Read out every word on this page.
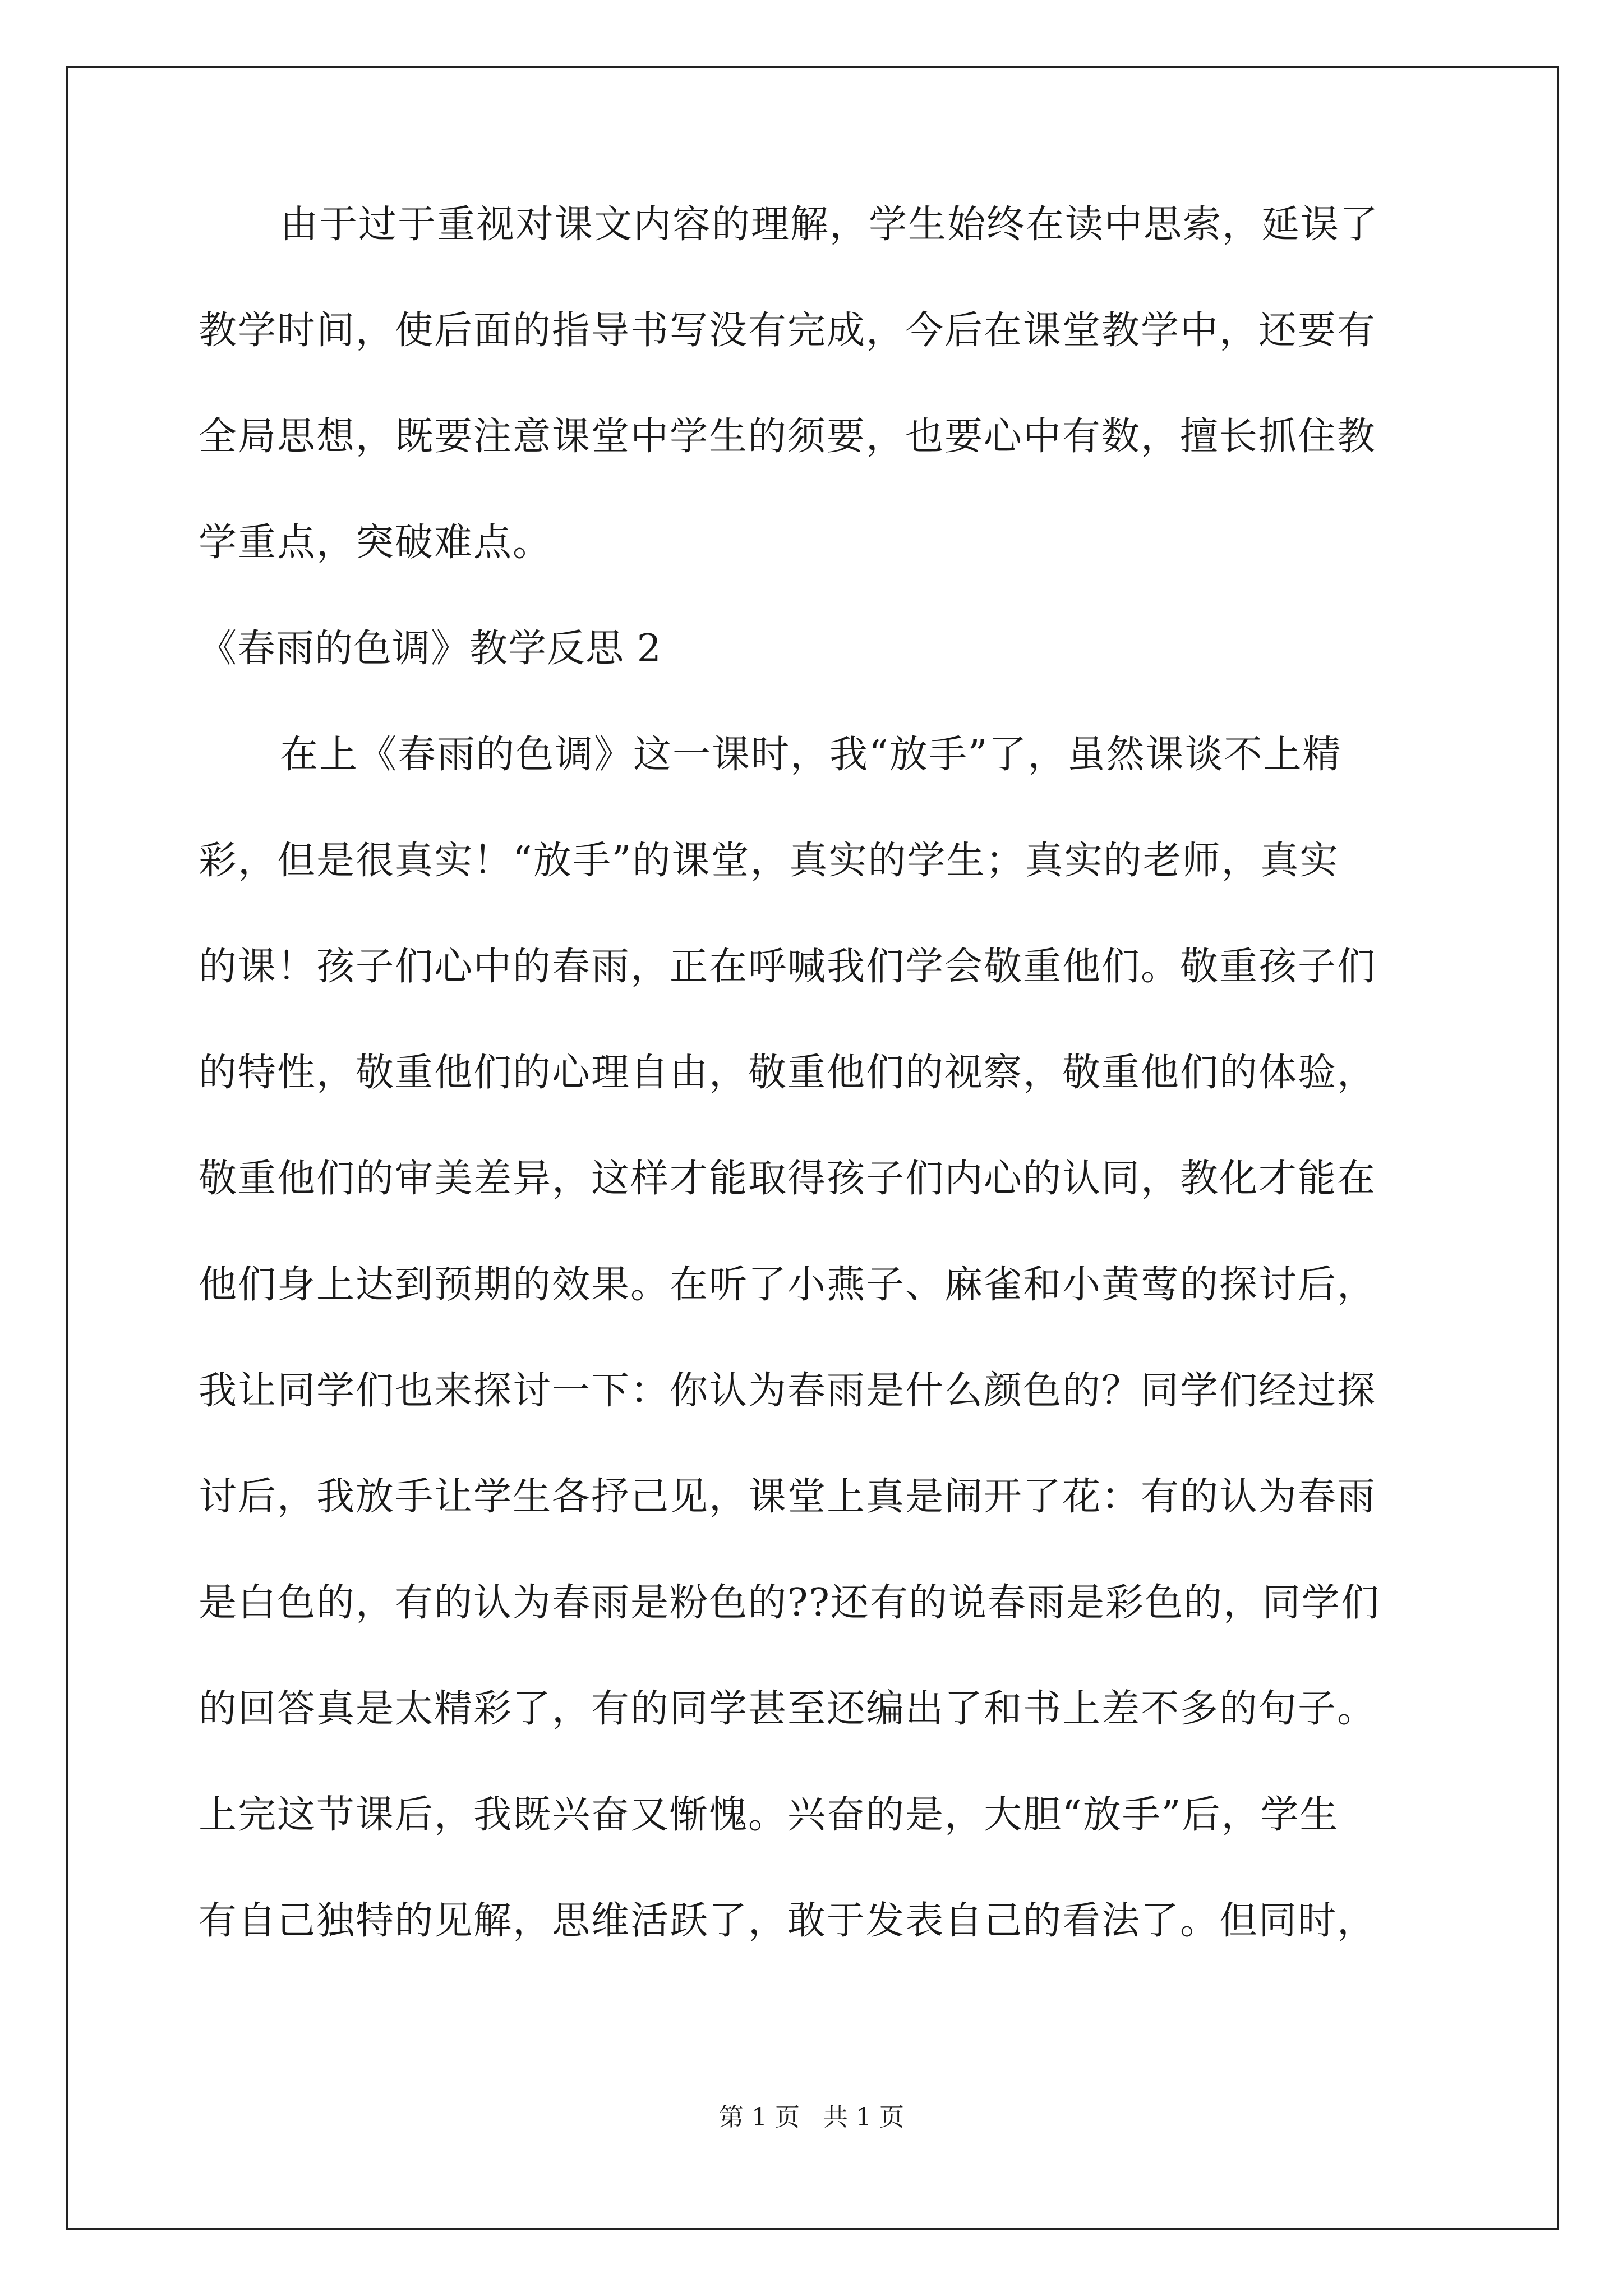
由于过于重视对课文内容的理解，学生始终在读中思索，延误了
教学时间，使后面的指导书写没有完成，今后在课堂教学中，还要有
全局思想，既要注意课堂中学生的须要，也要心中有数，擅长抓住教
学重点，突破难点。
《春雨的色调》教学反思 2
在上《春雨的色调》这一课时，我“放手”了，虽然课谈不上精
彩，但是很真实！“放手”的课堂，真实的学生；真实的老师，真实
的课！孩子们心中的春雨，正在呼喊我们学会敬重他们。敬重孩子们
的特性，敬重他们的心理自由，敬重他们的视察，敬重他们的体验，
敬重他们的审美差异，这样才能取得孩子们内心的认同，教化才能在
他们身上达到预期的效果。在听了小燕子、麻雀和小黄莺的探讨后，
我让同学们也来探讨一下：你认为春雨是什么颜色的？同学们经过探
讨后，我放手让学生各抒己见，课堂上真是闹开了花：有的认为春雨
是白色的，有的认为春雨是粉色的??还有的说春雨是彩色的，同学们
的回答真是太精彩了，有的同学甚至还编出了和书上差不多的句子。
上完这节课后，我既兴奋又惭愧。兴奋的是，大胆“放手”后，学生
有自己独特的见解，思维活跃了，敢于发表自己的看法了。但同时，
第 1 页 共 1 页
